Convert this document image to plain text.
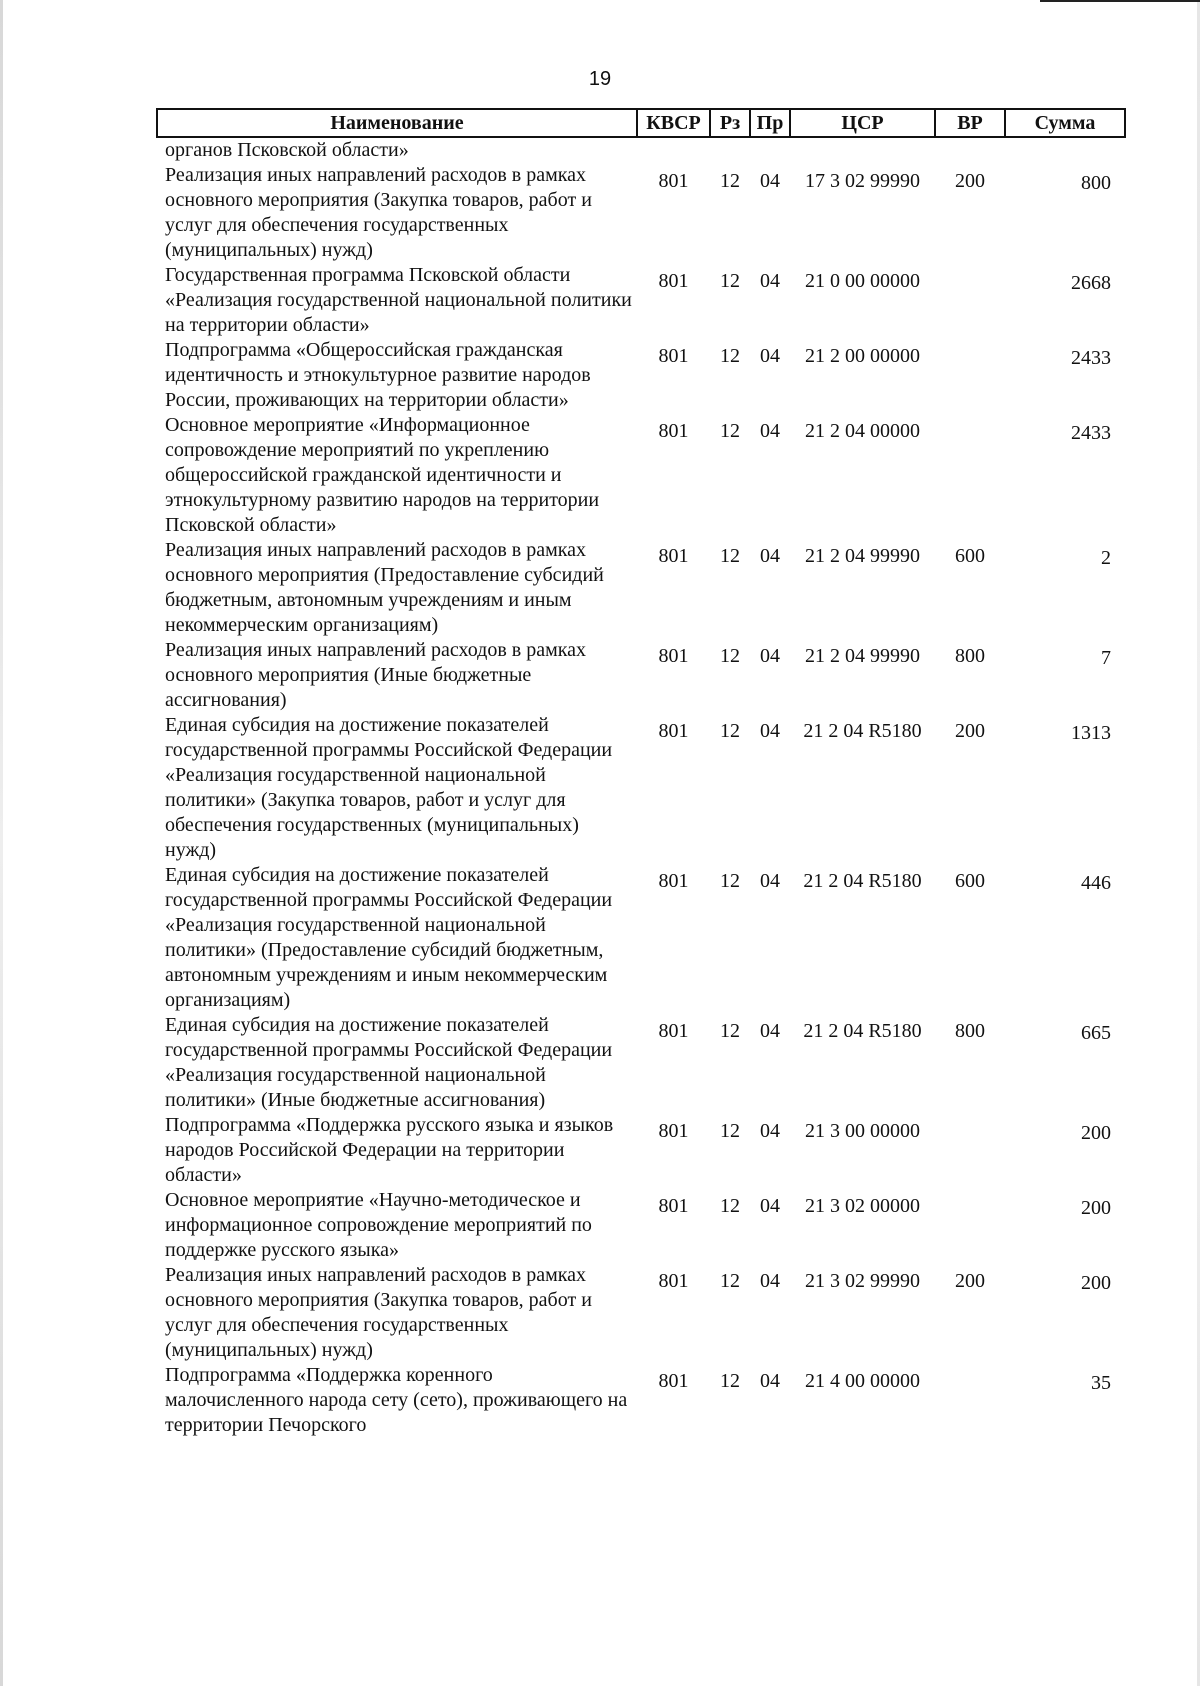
19
Наименование	КВСР	Рз	Пр	ЦСР	ВР	Сумма
органов Псковской области»						
Реализация иных направлений расходов в рамках основного мероприятия (Закупка товаров, работ и услуг для обеспечения государственных (муниципальных) нужд)	801	12	04	17 3 02 99990	200	800
Государственная программа Псковской области «Реализация государственной национальной политики на территории области»	801	12	04	21 0 00 00000		2668
Подпрограмма «Общероссийская гражданская идентичность и этнокультурное развитие народов России, проживающих на территории области»	801	12	04	21 2 00 00000		2433
Основное мероприятие «Информационное сопровождение мероприятий по укреплению общероссийской гражданской идентичности и этнокультурному развитию народов на территории Псковской области»	801	12	04	21 2 04 00000		2433
Реализация иных направлений расходов в рамках основного мероприятия (Предоставление субсидий бюджетным, автономным учреждениям и иным некоммерческим организациям)	801	12	04	21 2 04 99990	600	2
Реализация иных направлений расходов в рамках основного мероприятия (Иные бюджетные ассигнования)	801	12	04	21 2 04 99990	800	7
Единая субсидия на достижение показателей государственной программы Российской Федерации «Реализация государственной национальной политики» (Закупка товаров, работ и услуг для обеспечения государственных (муниципальных) нужд)	801	12	04	21 2 04 R5180	200	1313
Единая субсидия на достижение показателей государственной программы Российской Федерации «Реализация государственной национальной политики» (Предоставление субсидий бюджетным, автономным учреждениям и иным некоммерческим организациям)	801	12	04	21 2 04 R5180	600	446
Единая субсидия на достижение показателей государственной программы Российской Федерации «Реализация государственной национальной политики» (Иные бюджетные ассигнования)	801	12	04	21 2 04 R5180	800	665
Подпрограмма «Поддержка русского языка и языков народов Российской Федерации на территории области»	801	12	04	21 3 00 00000		200
Основное мероприятие «Научно-методическое и информационное сопровождение мероприятий по поддержке русского языка»	801	12	04	21 3 02 00000		200
Реализация иных направлений расходов в рамках основного мероприятия (Закупка товаров, работ и услуг для обеспечения государственных (муниципальных) нужд)	801	12	04	21 3 02 99990	200	200
Подпрограмма «Поддержка коренного малочисленного народа сету (сето), проживающего на территории Печорского	801	12	04	21 4 00 00000		35
